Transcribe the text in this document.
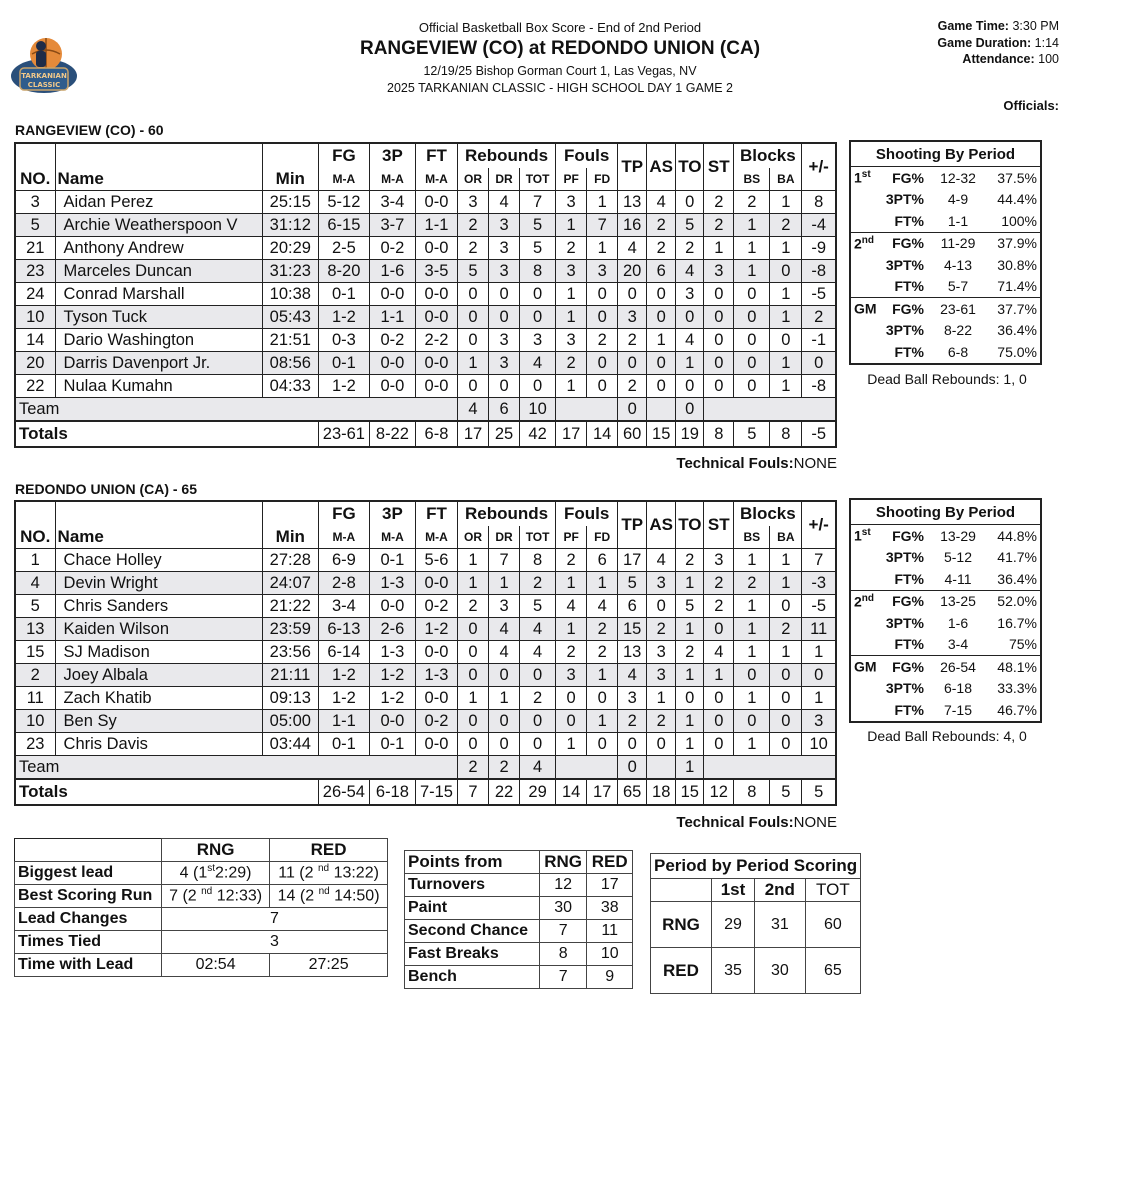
TARKANIAN
CLASSIC
Official Basketball Box Score - End of 2nd Period
RANGEVIEW (CO) at REDONDO UNION (CA)
12/19/25 Bishop Gorman Court 1, Las Vegas, NV
2025 TARKANIAN CLASSIC - HIGH SCHOOL DAY 1 GAME 2
Game Time: 3:30 PM
Game Duration: 1:14
Attendance: 100
Officials:
RANGEVIEW (CO) - 60
			FG	3P	FT	Rebounds			Fouls		TP	AS	TO	ST	Blocks		+/-
NO.	Name	Min	M-A	M-A	M-A	OR	DR	TOT	PF	FD					BS	BA	
3	Aidan Perez	25:15	5-12	3-4	0-0	3	4	7	3	1	13	4	0	2	2	1	8
5	Archie Weatherspoon V	31:12	6-15	3-7	1-1	2	3	5	1	7	16	2	5	2	1	2	-4
21	Anthony Andrew	20:29	2-5	0-2	0-0	2	3	5	2	1	4	2	2	1	1	1	-9
23	Marceles Duncan	31:23	8-20	1-6	3-5	5	3	8	3	3	20	6	4	3	1	0	-8
24	Conrad Marshall	10:38	0-1	0-0	0-0	0	0	0	1	0	0	0	3	0	0	1	-5
10	Tyson Tuck	05:43	1-2	1-1	0-0	0	0	0	1	0	3	0	0	0	0	1	2
14	Dario Washington	21:51	0-3	0-2	2-2	0	3	3	3	2	2	1	4	0	0	0	-1
20	Darris Davenport Jr.	08:56	0-1	0-0	0-0	1	3	4	2	0	0	0	1	0	0	1	0
22	Nulaa Kumahn	04:33	1-2	0-0	0-0	0	0	0	1	0	2	0	0	0	0	1	-8
Team						4	6	10			0		0				
Totals			23-61	8-22	6-8	17	25	42	17	14	60	15	19	8	5	8	-5
Technical Fouls:NONE
Shooting By Period			
1st	FG%	12-32	37.5%
	3PT%	4-9	44.4%
	FT%	1-1	100%
2nd	FG%	11-29	37.9%
	3PT%	4-13	30.8%
	FT%	5-7	71.4%
GM	FG%	23-61	37.7%
	3PT%	8-22	36.4%
	FT%	6-8	75.0%
Dead Ball Rebounds: 1, 0
REDONDO UNION (CA) - 65
			FG	3P	FT	Rebounds			Fouls		TP	AS	TO	ST	Blocks		+/-
NO.	Name	Min	M-A	M-A	M-A	OR	DR	TOT	PF	FD					BS	BA	
1	Chace Holley	27:28	6-9	0-1	5-6	1	7	8	2	6	17	4	2	3	1	1	7
4	Devin Wright	24:07	2-8	1-3	0-0	1	1	2	1	1	5	3	1	2	2	1	-3
5	Chris Sanders	21:22	3-4	0-0	0-2	2	3	5	4	4	6	0	5	2	1	0	-5
13	Kaiden Wilson	23:59	6-13	2-6	1-2	0	4	4	1	2	15	2	1	0	1	2	11
15	SJ Madison	23:56	6-14	1-3	0-0	0	4	4	2	2	13	3	2	4	1	1	1
2	Joey Albala	21:11	1-2	1-2	1-3	0	0	0	3	1	4	3	1	1	0	0	0
11	Zach Khatib	09:13	1-2	1-2	0-0	1	1	2	0	0	3	1	0	0	1	0	1
10	Ben Sy	05:00	1-1	0-0	0-2	0	0	0	0	1	2	2	1	0	0	0	3
23	Chris Davis	03:44	0-1	0-1	0-0	0	0	0	1	0	0	0	1	0	1	0	10
Team						2	2	4			0		1				
Totals			26-54	6-18	7-15	7	22	29	14	17	65	18	15	12	8	5	5
Technical Fouls:NONE
Shooting By Period			
1st	FG%	13-29	44.8%
	3PT%	5-12	41.7%
	FT%	4-11	36.4%
2nd	FG%	13-25	52.0%
	3PT%	1-6	16.7%
	FT%	3-4	75%
GM	FG%	26-54	48.1%
	3PT%	6-18	33.3%
	FT%	7-15	46.7%
Dead Ball Rebounds: 4, 0
	RNG	RED
Biggest lead	4 (1st2:29)	11 (2 $^{nd}$ 13:22)
Best Scoring Run	7 (2 $^{nd}$ 12:33)	14 (2 $^{nd}$ 14:50)
Lead Changes	7	
Times Tied	3	
Time with Lead	02:54	27:25
Points from	RNG	RED
Turnovers	12	17
Paint	30	38
Second Chance	7	11
Fast Breaks	8	10
Bench	7	9
Period by Period Scoring			
	1st	2nd	TOT
RNG	29	31	60
RED	35	30	65
